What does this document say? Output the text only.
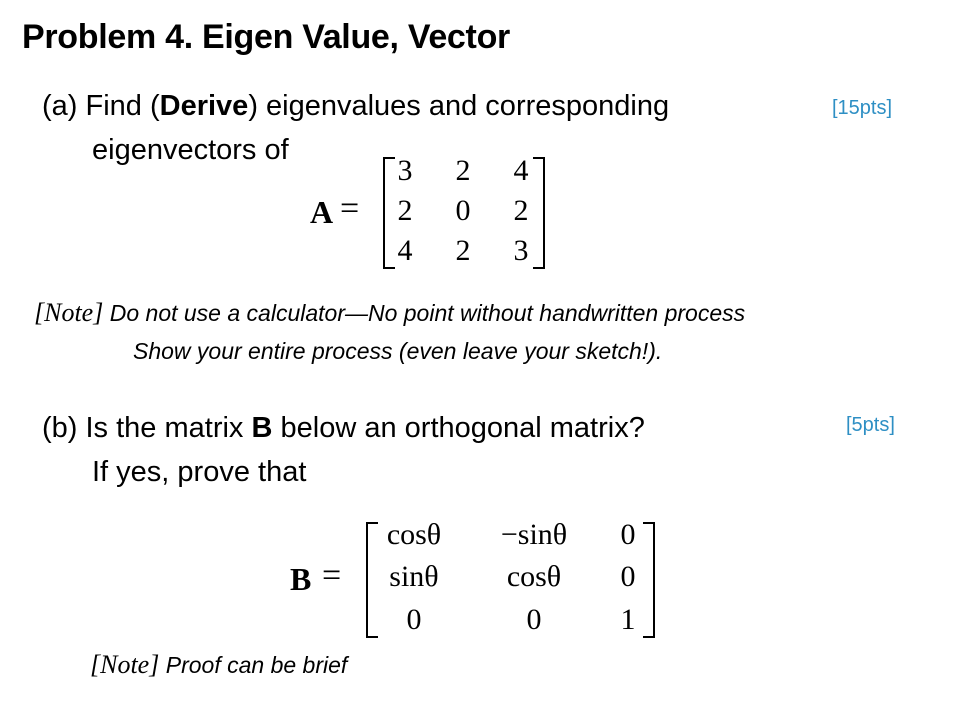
Problem 4. Eigen Value, Vector
(a) Find (Derive) eigenvalues and corresponding
eigenvectors of
[15pts]
A =
3 2 4
2 0 2
4 2 3
[Note] Do not use a calculator—No point without handwritten process
Show your entire process (even leave your sketch!).
(b) Is the matrix B below an orthogonal matrix?
If yes, prove that
[5pts]
B =
cosθ	−sinθ	0
sinθ	cosθ	0
0	0	1
[Note] Proof can be brief
